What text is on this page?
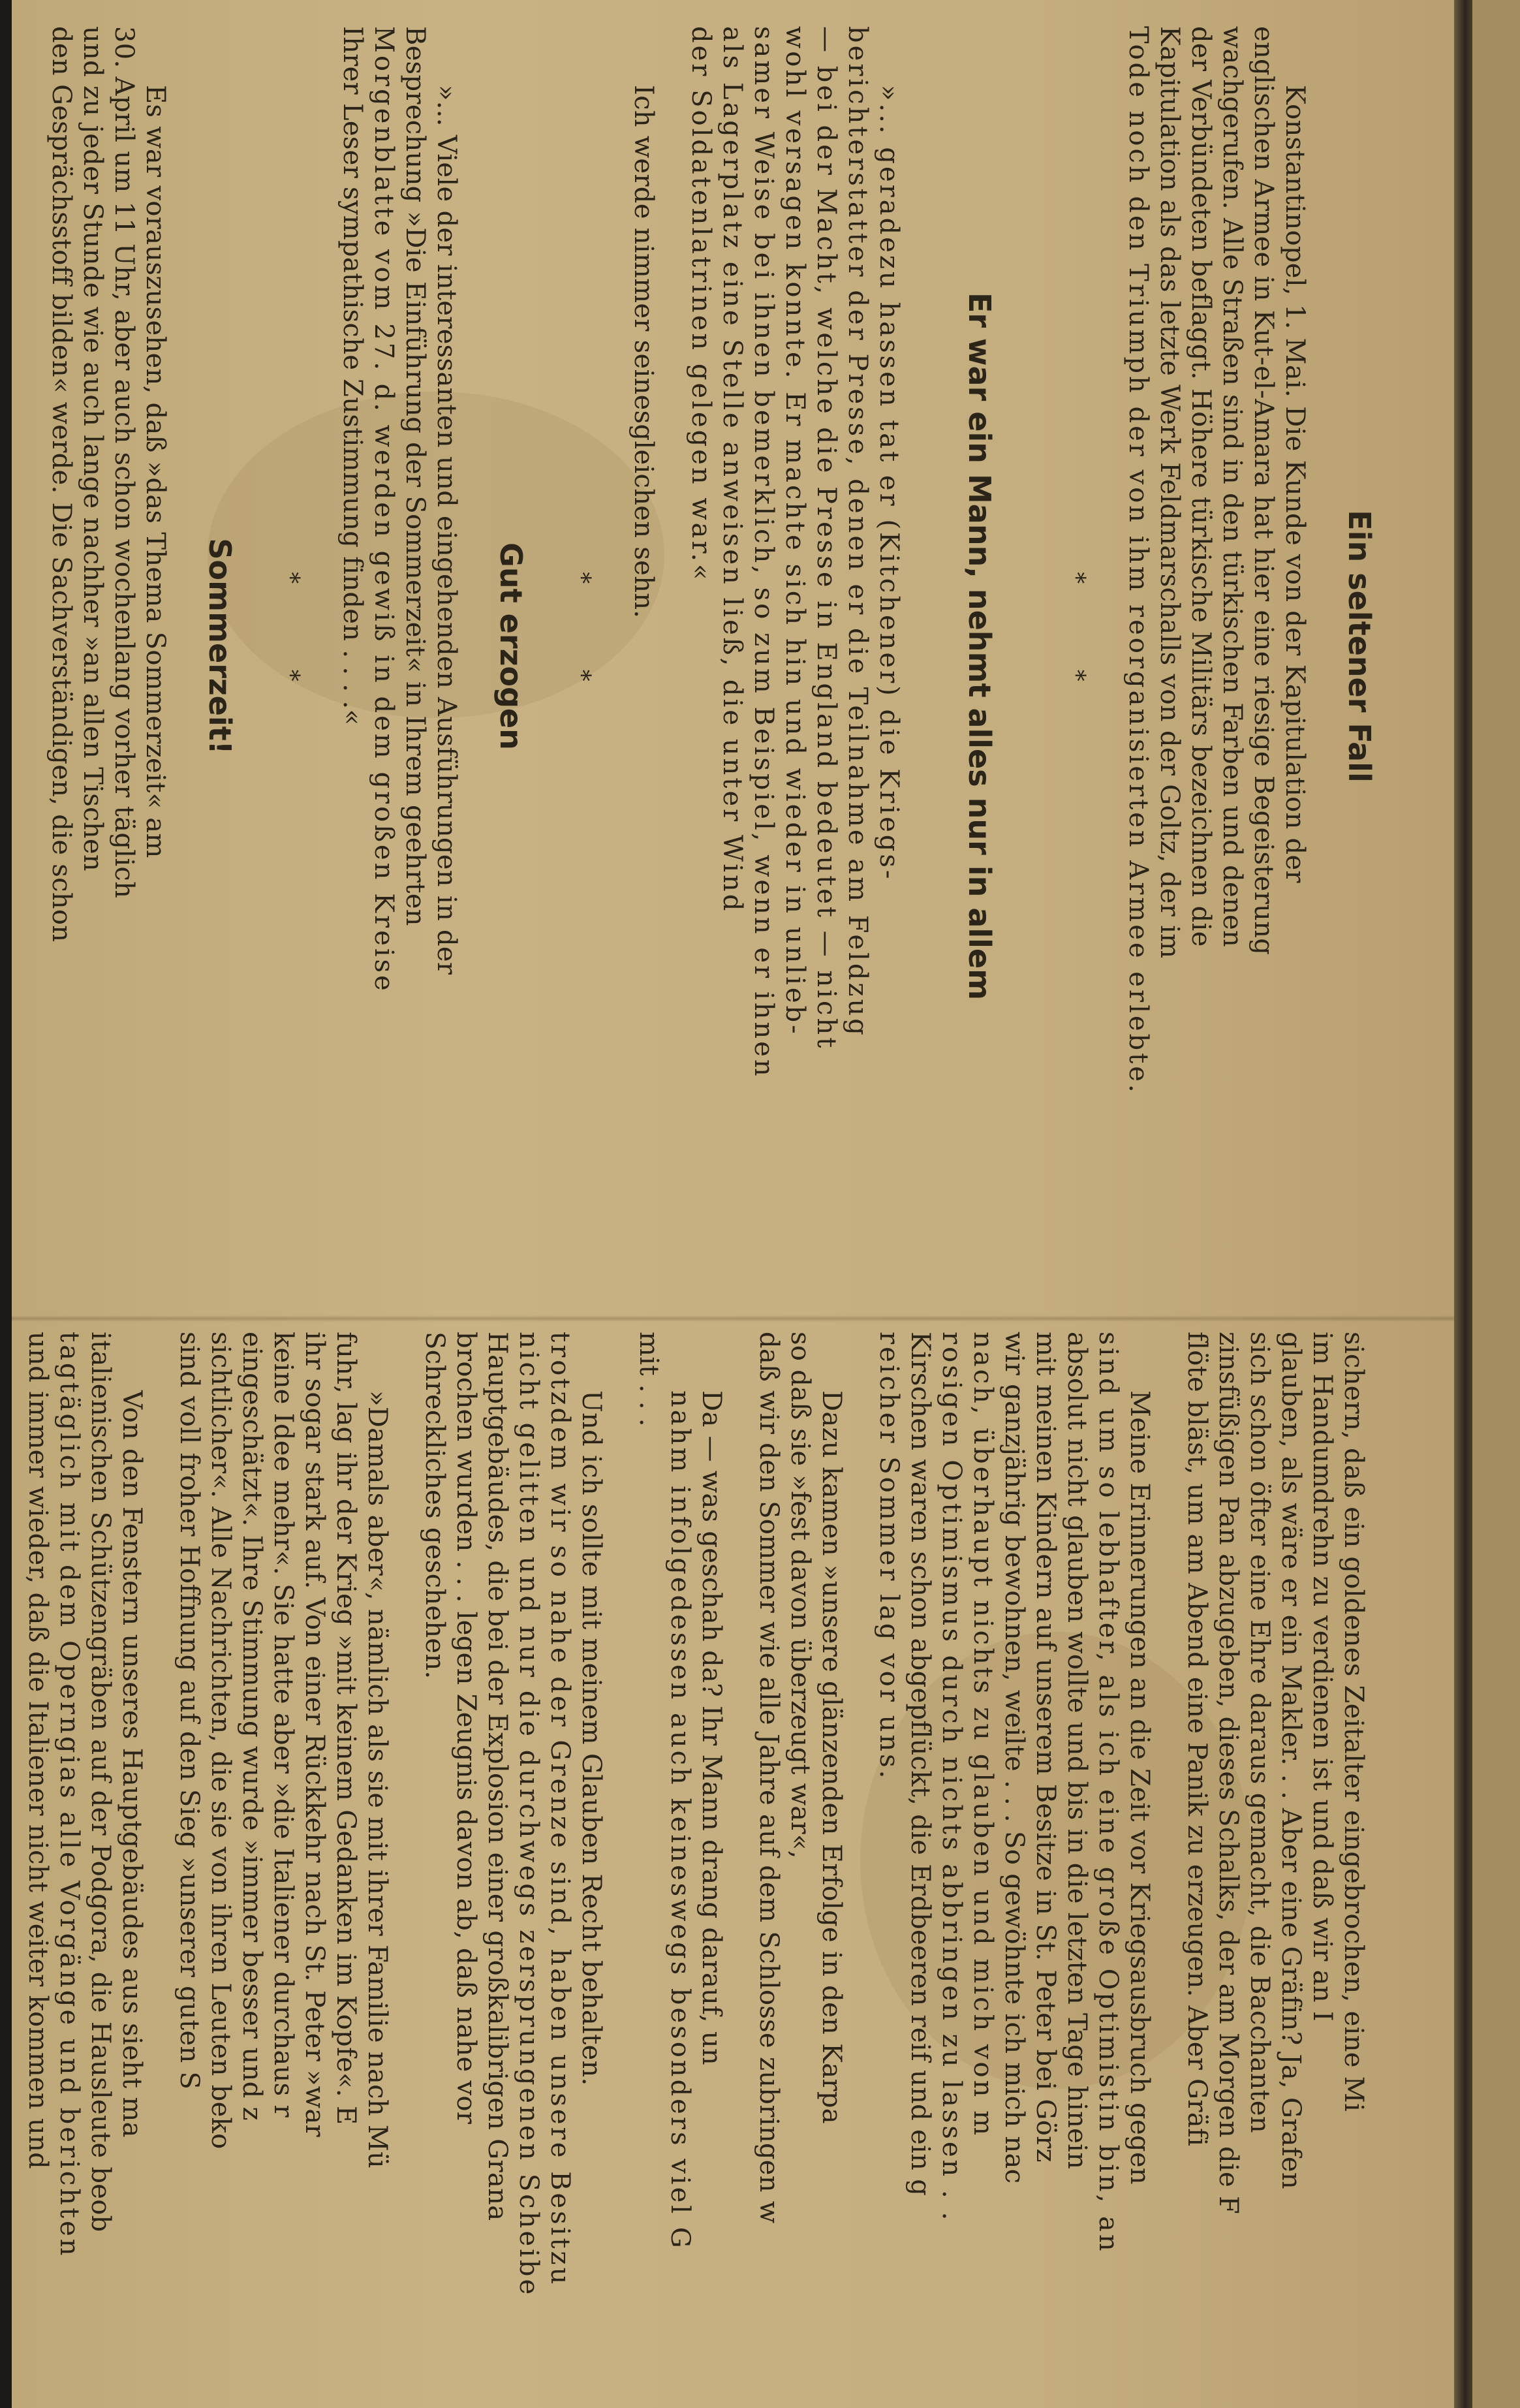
Ein seltener Fall
Konstantinopel, 1. Mai. Die Kunde von der Kapitulation der
englischen Armee in Kut-el-Amara hat hier eine riesige Begeisterung
wachgerufen. Alle Straßen sind in den türkischen Farben und denen
der Verbündeten beflaggt. Höhere türkische Militärs bezeichnen die
Kapitulation als das letzte Werk Feldmarschalls von der Goltz, der im
Tode noch den Triumph der von ihm reorganisierten Armee erlebte.
* *
Er war ein Mann, nehmt alles nur in allem
»... geradezu hassen tat er (Kitchener) die Kriegs-
berichterstatter der Presse, denen er die Teilnahme am Feldzug
— bei der Macht, welche die Presse in England bedeutet — nicht
wohl versagen konnte. Er machte sich hin und wieder in unlieb-
samer Weise bei ihnen bemerklich, so zum Beispiel, wenn er ihnen
als Lagerplatz eine Stelle anweisen ließ, die unter Wind
der Soldatenlatrinen gelegen war.«
Ich werde nimmer seinesgleichen sehn.
* *
Gut erzogen
»... Viele der interessanten und eingehenden Ausführungen in der
Besprechung »Die Einführung der Sommerzeit« in Ihrem geehrten
Morgenblatte vom 27. d. werden gewiß in dem großen Kreise
Ihrer Leser sympathische Zustimmung finden . . . .«
* *
Sommerzeit!
Es war vorauszusehen, daß »das Thema Sommerzeit« am
30. April um 11 Uhr, aber auch schon wochenlang vorher täglich
und zu jeder Stunde wie auch lange nachher »an allen Tischen
den Gesprächsstoff bilden« werde. Die Sachverständigen, die schon
sichern, daß ein goldenes Zeitalter eingebrochen, eine Mi
im Handumdrehn zu verdienen ist und daß wir an I
glauben, als wäre er ein Makler. . . Aber eine Gräfin? Ja, Grafen
sich schon öfter eine Ehre daraus gemacht, die Bacchanten
zinsfüßigen Pan abzugeben, dieses Schalks, der am Morgen die F
flöte bläst, um am Abend eine Panik zu erzeugen. Aber Gräfi
Meine Erinnerungen an die Zeit vor Kriegsausbruch gegen
sind um so lebhafter, als ich eine große Optimistin bin, an
absolut nicht glauben wollte und bis in die letzten Tage hinein
mit meinen Kindern auf unserem Besitze in St. Peter bei Görz
wir ganzjährig bewohnen, weilte . . . So gewöhnte ich mich nac
nach, überhaupt nichts zu glauben und mich von m
rosigen Optimismus durch nichts abbringen zu lassen . .
Kirschen waren schon abgepflückt, die Erdbeeren reif und ein g
reicher Sommer lag vor uns.
Dazu kamen »unsere glänzenden Erfolge in den Karpa
so daß sie »fest davon überzeugt war«,
daß wir den Sommer wie alle Jahre auf dem Schlosse zubringen w
Da — was geschah da? Ihr Mann drang darauf, un
nahm infolgedessen auch keineswegs besonders viel G
mit . . .
Und ich sollte mit meinem Glauben Recht behalten.
trotzdem wir so nahe der Grenze sind, haben unsere Besitzu
nicht gelitten und nur die durchwegs zersprungenen Scheibe
Hauptgebäudes, die bei der Explosion einer großkalibrigen Grana
brochen wurden . . . legen Zeugnis davon ab, daß nahe vor
Schreckliches geschehen.
»Damals aber«, nämlich als sie mit ihrer Familie nach Mü
fuhr, lag ihr der Krieg »mit keinem Gedanken im Kopfe«. E
ihr sogar stark auf. Von einer Rückkehr nach St. Peter »war
keine Idee mehr«. Sie hatte aber »die Italiener durchaus r
eingeschätzt«. Ihre Stimmung wurde »immer besser und z
sichtlicher«. Alle Nachrichten, die sie von ihren Leuten beko
sind voll froher Hoffnung auf den Sieg »unserer guten S
Von den Fenstern unseres Hauptgebäudes aus sieht ma
italienischen Schützengräben auf der Podgora, die Hausleute beob
tagtäglich mit dem Operngias alle Vorgänge und berichten
und immer wieder, daß die Italiener nicht weiter kommen und
